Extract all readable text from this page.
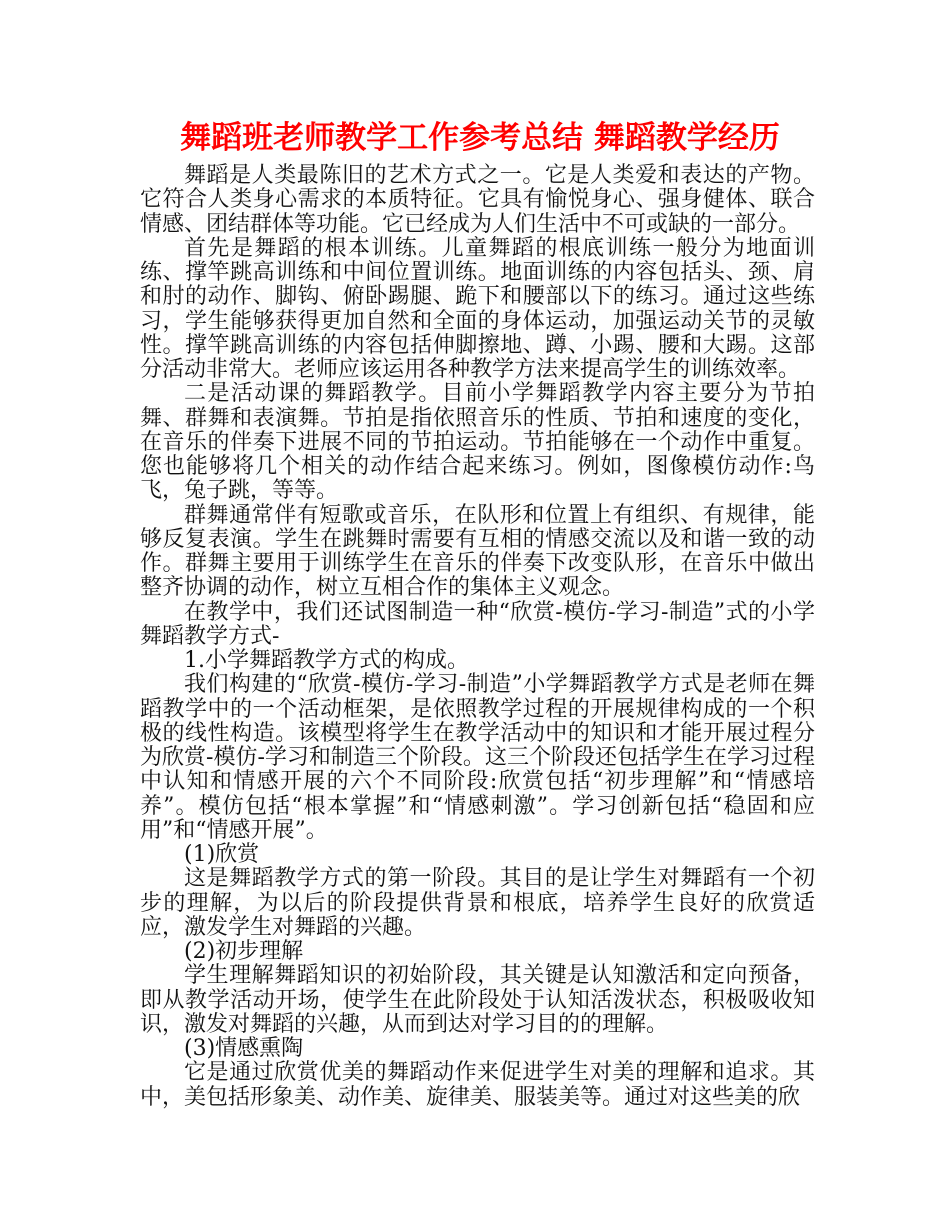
舞蹈班老师教学工作参考总结 舞蹈教学经历

舞蹈是人类最陈旧的艺术方式之一。它是人类爱和表达的产物。它符合人类身心需求的本质特征。它具有愉悦身心、强身健体、联合情感、团结群体等功能。它已经成为人们生活中不可或缺的一部分。

首先是舞蹈的根本训练。儿童舞蹈的根底训练一般分为地面训练、撑竿跳高训练和中间位置训练。地面训练的内容包括头、颈、肩和肘的动作、脚钩、俯卧踢腿、跪下和腰部以下的练习。通过这些练习，学生能够获得更加自然和全面的身体运动，加强运动关节的灵敏性。撑竿跳高训练的内容包括伸脚擦地、蹲、小踢、腰和大踢。这部分活动非常大。老师应该运用各种教学方法来提高学生的训练效率。

二是活动课的舞蹈教学。目前小学舞蹈教学内容主要分为节拍舞、群舞和表演舞。节拍是指依照音乐的性质、节拍和速度的变化，在音乐的伴奏下进展不同的节拍运动。节拍能够在一个动作中重复。您也能够将几个相关的动作结合起来练习。例如，图像模仿动作:鸟飞，兔子跳，等等。

群舞通常伴有短歌或音乐，在队形和位置上有组织、有规律，能够反复表演。学生在跳舞时需要有互相的情感交流以及和谐一致的动作。群舞主要用于训练学生在音乐的伴奏下改变队形，在音乐中做出整齐协调的动作，树立互相合作的集体主义观念。

在教学中，我们还试图制造一种“欣赏-模仿-学习-制造”式的小学舞蹈教学方式-

1.小学舞蹈教学方式的构成。

我们构建的“欣赏-模仿-学习-制造”小学舞蹈教学方式是老师在舞蹈教学中的一个活动框架，是依照教学过程的开展规律构成的一个积极的线性构造。该模型将学生在教学活动中的知识和才能开展过程分为欣赏-模仿-学习和制造三个阶段。这三个阶段还包括学生在学习过程中认知和情感开展的六个不同阶段:欣赏包括“初步理解”和“情感培养”。模仿包括“根本掌握”和“情感刺激”。学习创新包括“稳固和应用”和“情感开展”。

(1)欣赏

这是舞蹈教学方式的第一阶段。其目的是让学生对舞蹈有一个初步的理解，为以后的阶段提供背景和根底，培养学生良好的欣赏适应，激发学生对舞蹈的兴趣。

(2)初步理解

学生理解舞蹈知识的初始阶段，其关键是认知激活和定向预备，即从教学活动开场，使学生在此阶段处于认知活泼状态，积极吸收知识，激发对舞蹈的兴趣，从而到达对学习目的的理解。

(3)情感熏陶

它是通过欣赏优美的舞蹈动作来促进学生对美的理解和追求。其中，美包括形象美、动作美、旋律美、服装美等。通过对这些美的欣
